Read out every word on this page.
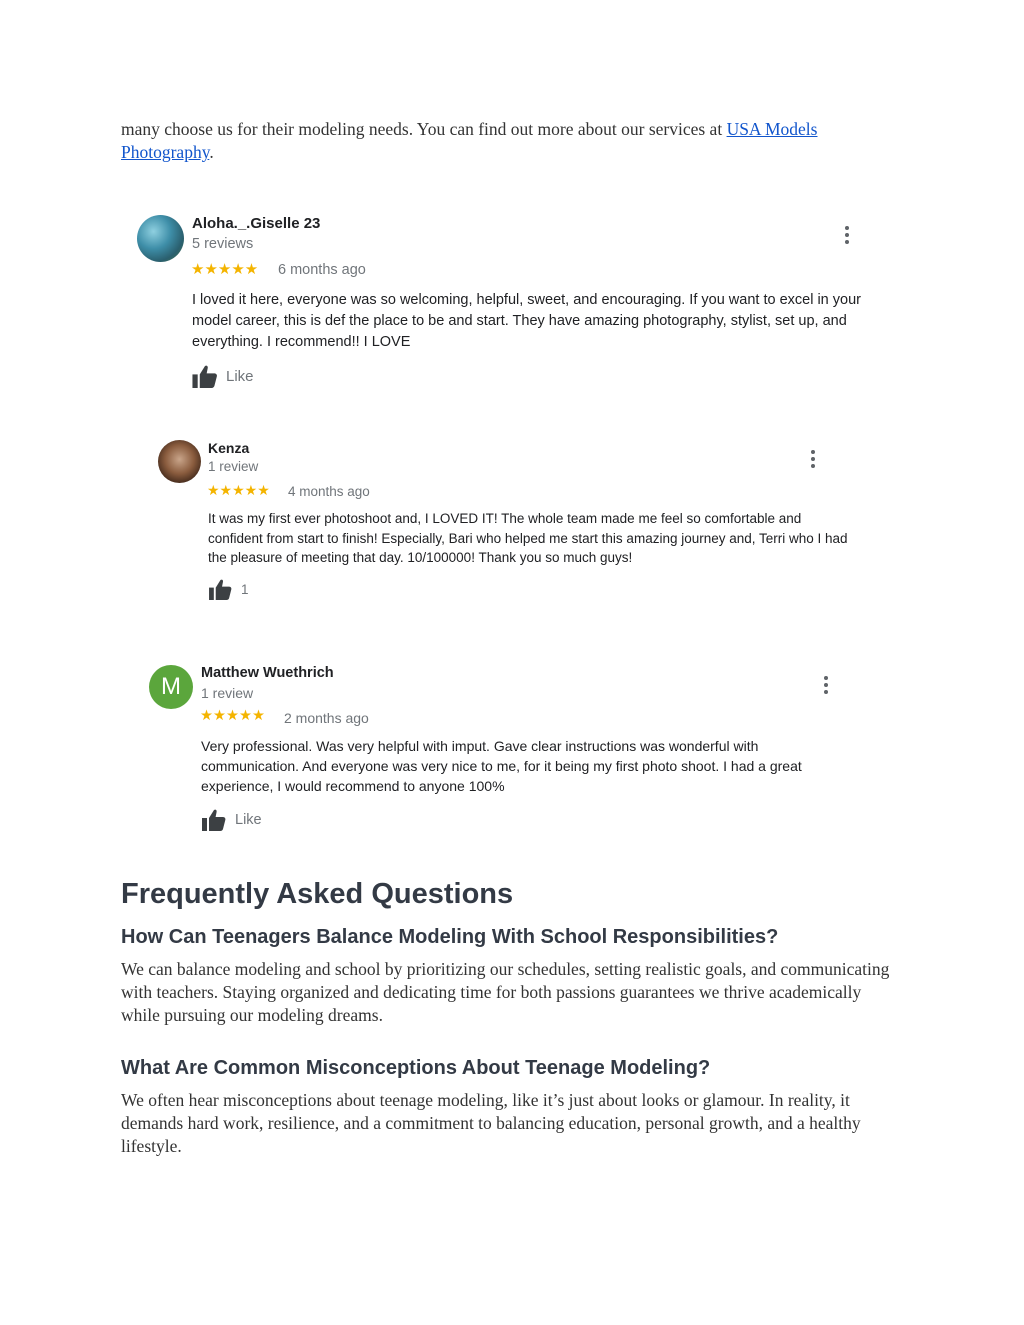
many choose us for their modeling needs. You can find out more about our services at USA Models Photography.

Aloha._.Giselle 23
5 reviews
★★★★★ 6 months ago
I loved it here, everyone was so welcoming, helpful, sweet, and encouraging. If you want to excel in your model career, this is def the place to be and start. They have amazing photography, stylist, set up, and everything. I recommend!! I LOVE
Like
Kenza
1 review
★★★★★ 4 months ago
It was my first ever photoshoot and, I LOVED IT! The whole team made me feel so comfortable and confident from start to finish! Especially, Bari who helped me start this amazing journey and, Terri who I had the pleasure of meeting that day. 10/100000! Thank you so much guys!
1
M Matthew Wuethrich
1 review
★★★★★ 2 months ago
Very professional. Was very helpful with imput. Gave clear instructions was wonderful with communication. And everyone was very nice to me, for it being my first photo shoot. I had a great experience, I would recommend to anyone 100%
Like
Frequently Asked Questions
How Can Teenagers Balance Modeling With School Responsibilities?

We can balance modeling and school by prioritizing our schedules, setting realistic goals, and communicating with teachers. Staying organized and dedicating time for both passions guarantees we thrive academically while pursuing our modeling dreams.

What Are Common Misconceptions About Teenage Modeling?

We often hear misconceptions about teenage modeling, like it’s just about looks or glamour. In reality, it demands hard work, resilience, and a commitment to balancing education, personal growth, and a healthy lifestyle.
